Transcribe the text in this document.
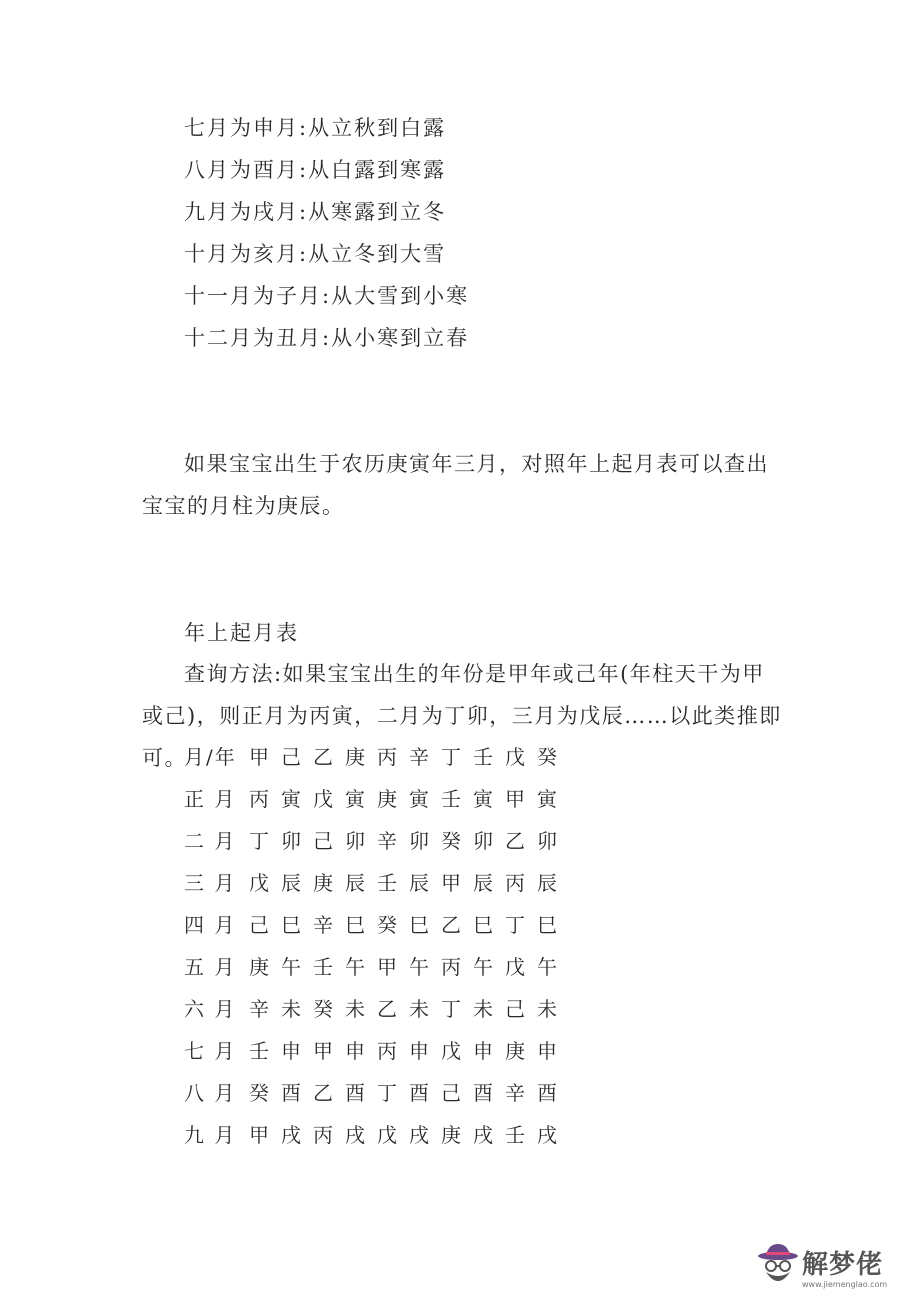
七月为申月:从立秋到白露
八月为酉月:从白露到寒露
九月为戌月:从寒露到立冬
十月为亥月:从立冬到大雪
十一月为子月:从大雪到小寒
十二月为丑月:从小寒到立春
如果宝宝出生于农历庚寅年三月，对照年上起月表可以查出宝宝的月柱为庚辰。
年上起月表
查询方法:如果宝宝出生的年份是甲年或己年(年柱天干为甲或己)，则正月为丙寅，二月为丁卯，三月为戊辰……以此类推即可。
月/年 甲 己 乙 庚 丙 辛 丁 壬 戊 癸
正 月 丙 寅 戊 寅 庚 寅 壬 寅 甲 寅
二 月 丁 卯 己 卯 辛 卯 癸 卯 乙 卯
三 月 戊 辰 庚 辰 壬 辰 甲 辰 丙 辰
四 月 己 巳 辛 巳 癸 巳 乙 巳 丁 巳
五 月 庚 午 壬 午 甲 午 丙 午 戊 午
六 月 辛 未 癸 未 乙 未 丁 未 己 未
七 月 壬 申 甲 申 丙 申 戊 申 庚 申
八 月 癸 酉 乙 酉 丁 酉 己 酉 辛 酉
九 月 甲 戌 丙 戌 戊 戌 庚 戌 壬 戌
解梦佬
www.jiemenglao.com
